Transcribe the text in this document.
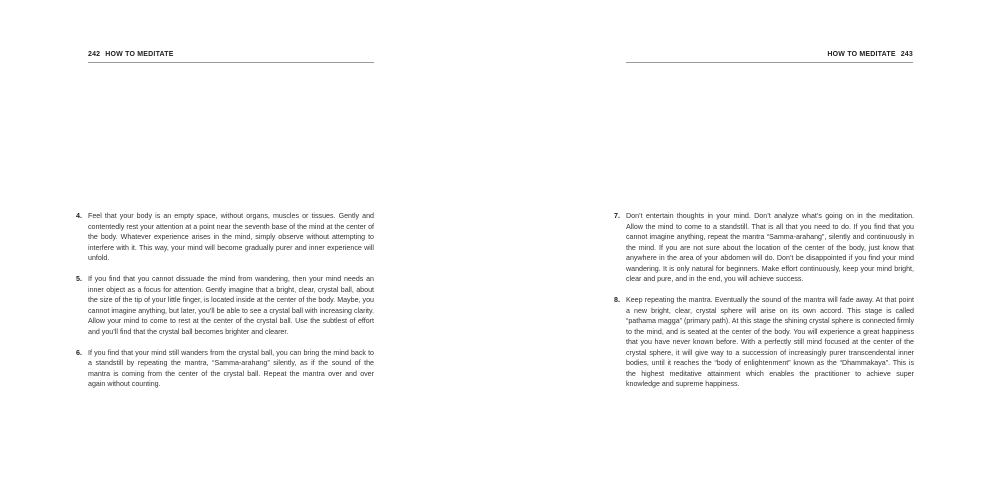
242 HOW TO MEDITATE
4. Feel that your body is an empty space, without organs, muscles or tissues. Gently and contentedly rest your attention at a point near the seventh base of the mind at the center of the body. Whatever experience arises in the mind, simply observe without attempting to interfere with it. This way, your mind will become gradually purer and inner experience will unfold.
5. If you find that you cannot dissuade the mind from wandering, then your mind needs an inner object as a focus for attention. Gently imagine that a bright, clear, crystal ball, about the size of the tip of your little finger, is located inside at the center of the body. Maybe, you cannot imagine anything, but later, you’ll be able to see a crystal ball with increasing clarity. Allow your mind to come to rest at the center of the crystal ball. Use the subtlest of effort and you’ll find that the crystal ball becomes brighter and clearer.
6. If you find that your mind still wanders from the crystal ball, you can bring the mind back to a standstill by repeating the mantra, “Samma-arahang” silently, as if the sound of the mantra is coming from the center of the crystal ball. Repeat the mantra over and over again without counting.
HOW TO MEDITATE 243
7. Don’t entertain thoughts in your mind. Don’t analyze what’s going on in the meditation. Allow the mind to come to a standstill. That is all that you need to do. If you find that you cannot imagine anything, repeat the mantra “Samma-arahang”, silently and continuously in the mind. If you are not sure about the location of the center of the body, just know that anywhere in the area of your abdomen will do. Don’t be disappointed if you find your mind wandering. It is only natural for beginners. Make effort continuously, keep your mind bright, clear and pure, and in the end, you will achieve success.
8. Keep repeating the mantra. Eventually the sound of the mantra will fade away. At that point a new bright, clear, crystal sphere will arise on its own accord. This stage is called “pathama magga” (primary path). At this stage the shining crystal sphere is connected firmly to the mind, and is seated at the center of the body. You will experience a great happiness that you have never known before. With a perfectly still mind focused at the center of the crystal sphere, it will give way to a succession of increasingly purer transcendental inner bodies, until it reaches the “body of enlightenment” known as the “Dhammakaya”. This is the highest meditative attainment which enables the practitioner to achieve super knowledge and supreme happiness.
